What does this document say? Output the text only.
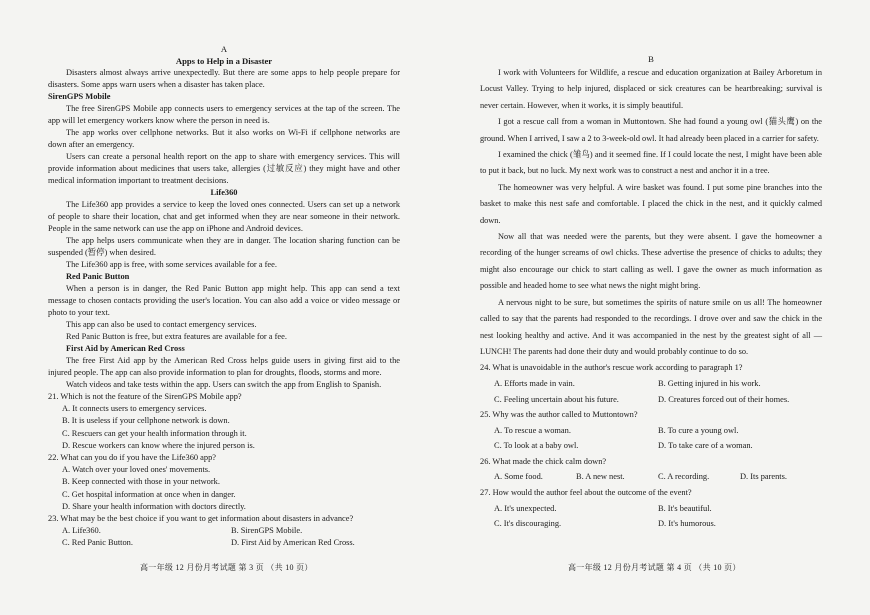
A

Apps to Help in a Disaster

Disasters almost always arrive unexpectedly. But there are some apps to help people prepare for disasters. Some apps warn users when a disaster has taken place.

SirenGPS Mobile

The free SirenGPS Mobile app connects users to emergency services at the tap of the screen. The app will let emergency workers know where the person in need is.

The app works over cellphone networks. But it also works on Wi-Fi if cellphone networks are down after an emergency.

Users can create a personal health report on the app to share with emergency services. This will provide information about medicines that users take, allergies (过敏反应) they might have and other medical information important to treatment decisions.

Life360

The Life360 app provides a service to keep the loved ones connected. Users can set up a network of people to share their location, chat and get informed when they are near someone in their network. People in the same network can use the app on iPhone and Android devices.

The app helps users communicate when they are in danger. The location sharing function can be suspended (暂停) when desired.

The Life360 app is free, with some services available for a fee.

Red Panic Button

When a person is in danger, the Red Panic Button app might help. This app can send a text message to chosen contacts providing the user's location. You can also add a voice or video message or photo to your text.

This app can also be used to contact emergency services.

Red Panic Button is free, but extra features are available for a fee.

First Aid by American Red Cross

The free First Aid app by the American Red Cross helps guide users in giving first aid to the injured people. The app can also provide information to plan for droughts, floods, storms and more.

Watch videos and take tests within the app. Users can switch the app from English to Spanish.

21. Which is not the feature of the SirenGPS Mobile app?

A. It connects users to emergency services.

B. It is useless if your cellphone network is down.

C. Rescuers can get your health information through it.

D. Rescue workers can know where the injured person is.

22. What can you do if you have the Life360 app?

A. Watch over your loved ones' movements.

B. Keep connected with those in your network.

C. Get hospital information at once when in danger.

D. Share your health information with doctors directly.

23. What may be the best choice if you want to get information about disasters in advance?

A. Life360.	B. SirenGPS Mobile.
C. Red Panic Button.	D. First Aid by American Red Cross.

B

I work with Volunteers for Wildlife, a rescue and education organization at Bailey Arboretum in Locust Valley. Trying to help injured, displaced or sick creatures can be heartbreaking; survival is never certain. However, when it works, it is simply beautiful.

I got a rescue call from a woman in Muttontown. She had found a young owl (猫头鹰) on the ground. When I arrived, I saw a 2 to 3-week-old owl. It had already been placed in a carrier for safety.

I examined the chick (雏鸟) and it seemed fine. If I could locate the nest, I might have been able to put it back, but no luck. My next work was to construct a nest and anchor it in a tree.

The homeowner was very helpful. A wire basket was found. I put some pine branches into the basket to make this nest safe and comfortable. I placed the chick in the nest, and it quickly calmed down.

Now all that was needed were the parents, but they were absent. I gave the homeowner a recording of the hunger screams of owl chicks. These advertise the presence of chicks to adults; they might also encourage our chick to start calling as well. I gave the owner as much information as possible and headed home to see what news the night might bring.

A nervous night to be sure, but sometimes the spirits of nature smile on us all! The homeowner called to say that the parents had responded to the recordings. I drove over and saw the chick in the nest looking healthy and active. And it was accompanied in the nest by the greatest sight of all — LUNCH! The parents had done their duty and would probably continue to do so.

24. What is unavoidable in the author's rescue work according to paragraph 1?

A. Efforts made in vain.	B. Getting injured in his work.
C. Feeling uncertain about his future.	D. Creatures forced out of their homes.

25. Why was the author called to Muttontown?

A. To rescue a woman.	B. To cure a young owl.
C. To look at a baby owl.	D. To take care of a woman.

26. What made the chick calm down?

A. Some food.	B. A new nest.	C. A recording.	D. Its parents.

27. How would the author feel about the outcome of the event?

A. It's unexpected.	B. It's beautiful.
C. It's discouraging.	D. It's humorous.
高一年级 12 月份月考试题 第 3 页 （共 10 页）	高一年级 12 月份月考试题 第 4 页 （共 10 页）
